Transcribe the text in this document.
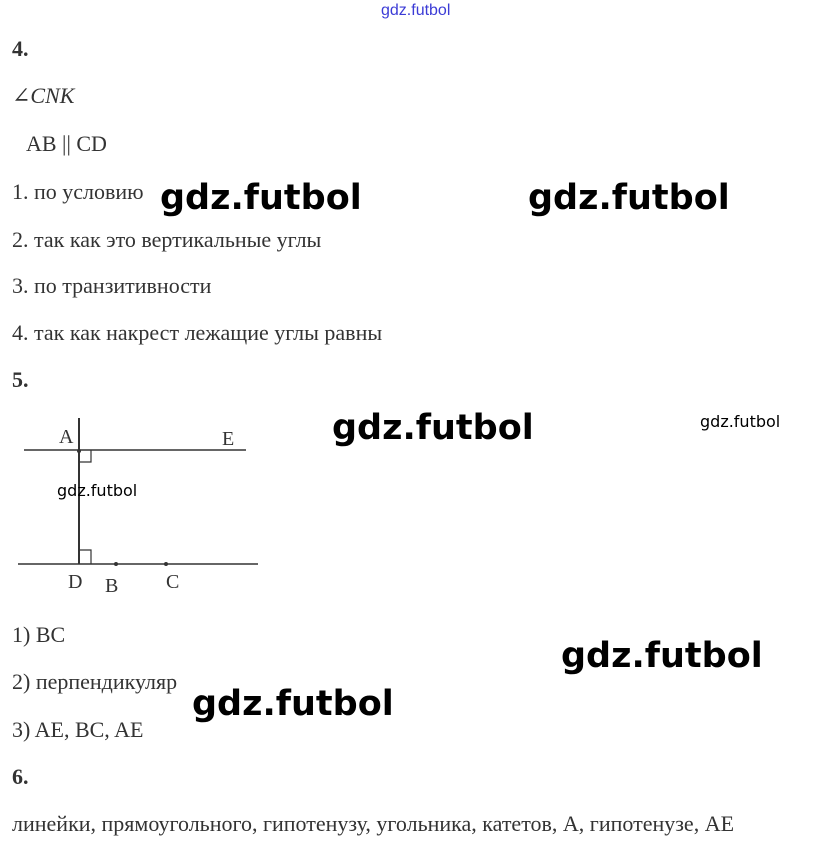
gdz.futbol
4.
∠CNK
AB || CD
1. по условию
2. так как это вертикальные углы
3. по транзитивности
4. так как накрест лежащие углы равны
5.
A	E
D B C
1) BC
2) перпендикуляр
3) AE, BC, AE
6.
линейки, прямоугольного, гипотенузу, угольника, катетов, A, гипотенузе, AE
gdz.futbol	gdz.futbol
gdz.futbol	gdz.futbol
gdz.futbol
gdz.futbol
gdz.futbol
